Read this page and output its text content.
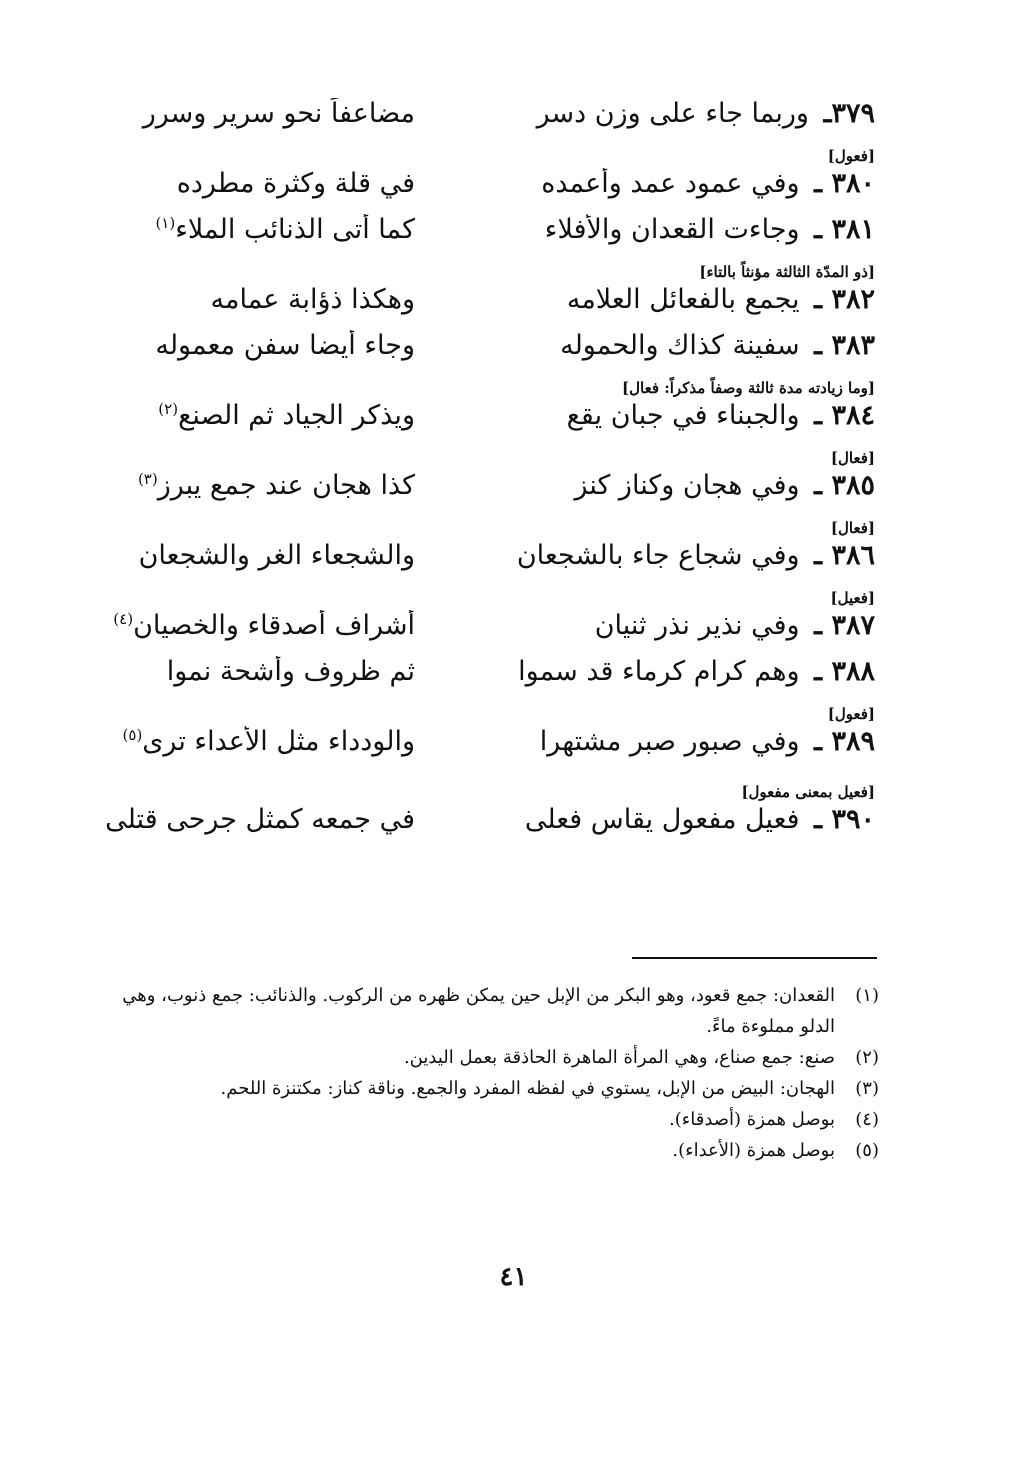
٣٧٩ـ وربما جاء على وزن دسر
مضاعفاً نحو سرير وسرر
[فعول]
٣٨٠ ـ وفي عمود عمد وأعمده
في قلة وكثرة مطرده
٣٨١ ـ وجاءت القعدان والأفلاء
كما أتى الذنائب الملاء$^{(١)}$
[ذو المدّة الثالثة مؤنثاً بالتاء]
٣٨٢ ـ يجمع بالفعائل العلامه
وهكذا ذؤابة عمامه
٣٨٣ ـ سفينة كذاك والحموله
وجاء أيضا سفن معموله
[وما زيادته مدة ثالثة وصفاً مذكراً: فعال]
٣٨٤ ـ والجبناء في جبان يقع
ويذكر الجياد ثم الصنع$^{(٢)}$
[فعال]
٣٨٥ ـ وفي هجان وكناز كنز
كذا هجان عند جمع يبرز$^{(٣)}$
[فعال]
٣٨٦ ـ وفي شجاع جاء بالشجعان
والشجعاء الغر والشجعان
[فعيل]
٣٨٧ ـ وفي نذير نذر ثنيان
أشراف أصدقاء والخصيان$^{(٤)}$
٣٨٨ ـ وهم كرام كرماء قد سموا
ثم ظروف وأشحة نموا
[فعول]
٣٨٩ ـ وفي صبور صبر مشتهرا
والودداء مثل الأعداء ترى$^{(٥)}$
[فعيل بمعنى مفعول]
٣٩٠ ـ فعيل مفعول يقاس فعلى
في جمعه كمثل جرحى قتلى
(١)
القعدان: جمع قعود، وهو البكر من الإبل حين يمكن ظهره من الركوب. والذنائب: جمع ذنوب، وهي الدلو مملوءة ماءً.
(٢)
صنع: جمع صناع، وهي المرأة الماهرة الحاذقة بعمل اليدين.
(٣)
الهجان: البيض من الإبل، يستوي في لفظه المفرد والجمع. وناقة كناز: مكتنزة اللحم.
(٤)
بوصل همزة (أصدقاء).
(٥)
بوصل همزة (الأعداء).
٤١
